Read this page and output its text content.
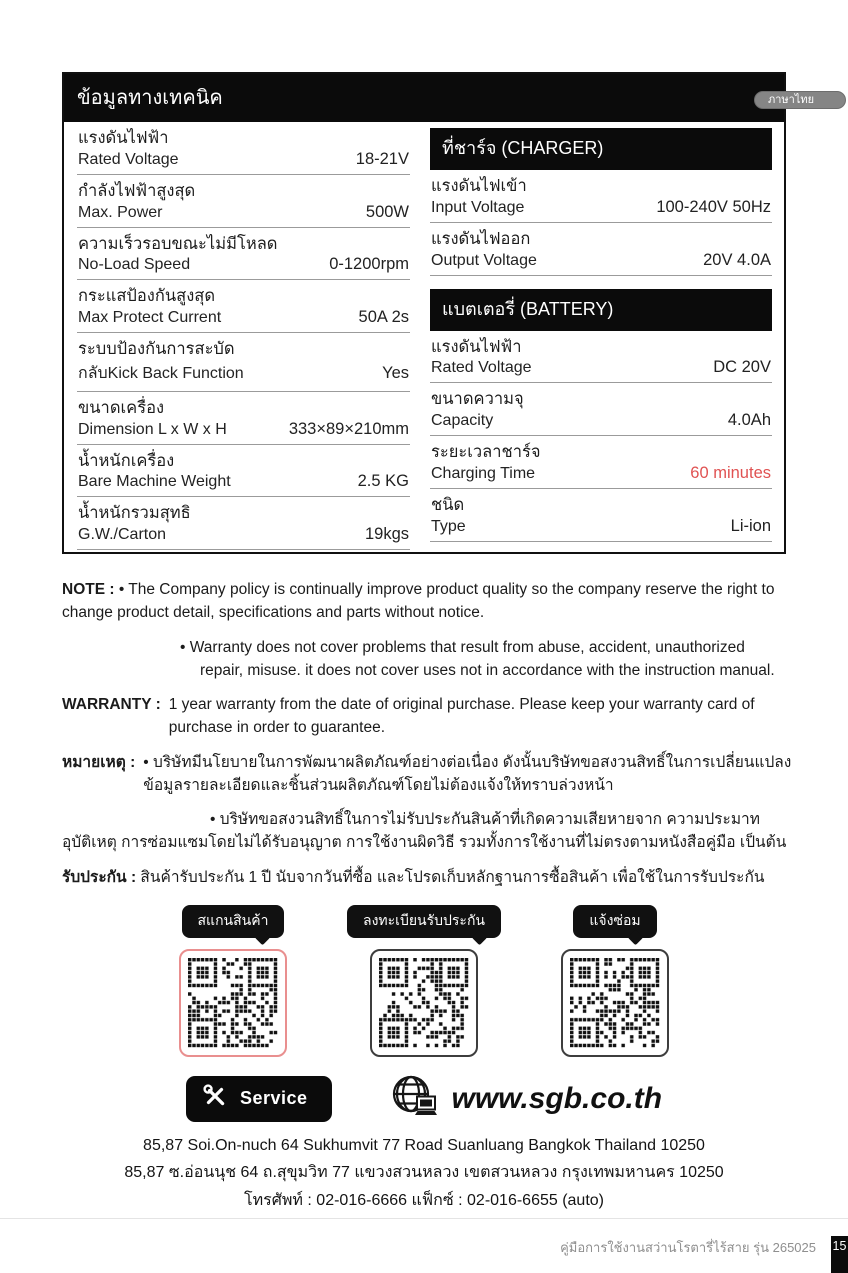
ภาษาไทย
ข้อมูลทางเทคนิค
แรงดันไฟฟ้า
Rated Voltage	18-21V
กำลังไฟฟ้าสูงสุด
Max. Power	500W
ความเร็วรอบขณะไม่มีโหลด
No-Load Speed	0-1200rpm
กระแสป้องกันสูงสุด
Max Protect Current	50A 2s
ระบบป้องกันการสะบัด
กลับKick Back Function	Yes
ขนาดเครื่อง
Dimension L x W x H	333×89×210mm
น้ำหนักเครื่อง
Bare Machine Weight	2.5 KG
น้ำหนักรวมสุทธิ
G.W./Carton	19kgs
ที่ชาร์จ (CHARGER)
แรงดันไฟเข้า
Input Voltage	100-240V 50Hz
แรงดันไฟออก
Output Voltage	20V 4.0A
แบตเตอรี่ (BATTERY)
แรงดันไฟฟ้า
Rated Voltage	DC 20V
ขนาดความจุ
Capacity	4.0Ah
ระยะเวลาชาร์จ
Charging Time	60 minutes
ชนิด
Type	Li-ion

NOTE : • The Company policy is continually improve product quality so the company reserve the right to change product detail, specifications and parts without notice.

• Warranty does not cover problems that result from abuse, accident, unauthorized repair, misuse. it does not cover uses not in accordance with the instruction manual.

WARRANTY : 1 year warranty from the date of original purchase. Please keep your warranty card of purchase in order to guarantee.

หมายเหตุ : • บริษัทมีนโยบายในการพัฒนาผลิตภัณฑ์อย่างต่อเนื่อง ดังนั้นบริษัทขอสงวนสิทธิ์ในการเปลี่ยนแปลงข้อมูลรายละเอียดและชิ้นส่วนผลิตภัณฑ์โดยไม่ต้องแจ้งให้ทราบล่วงหน้า

• บริษัทขอสงวนสิทธิ์ในการไม่รับประกันสินค้าที่เกิดความเสียหายจาก ความประมาท อุบัติเหตุ การซ่อมแซมโดยไม่ได้รับอนุญาต การใช้งานผิดวิธี รวมทั้งการใช้งานที่ไม่ตรงตามหนังสือคู่มือ เป็นต้น

รับประกัน : สินค้ารับประกัน 1 ปี นับจากวันที่ซื้อ และโปรดเก็บหลักฐานการซื้อสินค้า เพื่อใช้ในการรับประกัน

สแกนสินค้า	ลงทะเบียนรับประกัน	แจ้งซ่อม
Service	www.sgb.co.th
85,87 Soi.On-nuch 64 Sukhumvit 77 Road Suanluang Bangkok Thailand 10250
85,87 ซ.อ่อนนุช 64 ถ.สุขุมวิท 77 แขวงสวนหลวง เขตสวนหลวง กรุงเทพมหานคร 10250
โทรศัพท์ : 02-016-6666 แฟ็กซ์ : 02-016-6655 (auto)
คู่มือการใช้งานสว่านโรตารี่ไร้สาย รุ่น 265025 15
